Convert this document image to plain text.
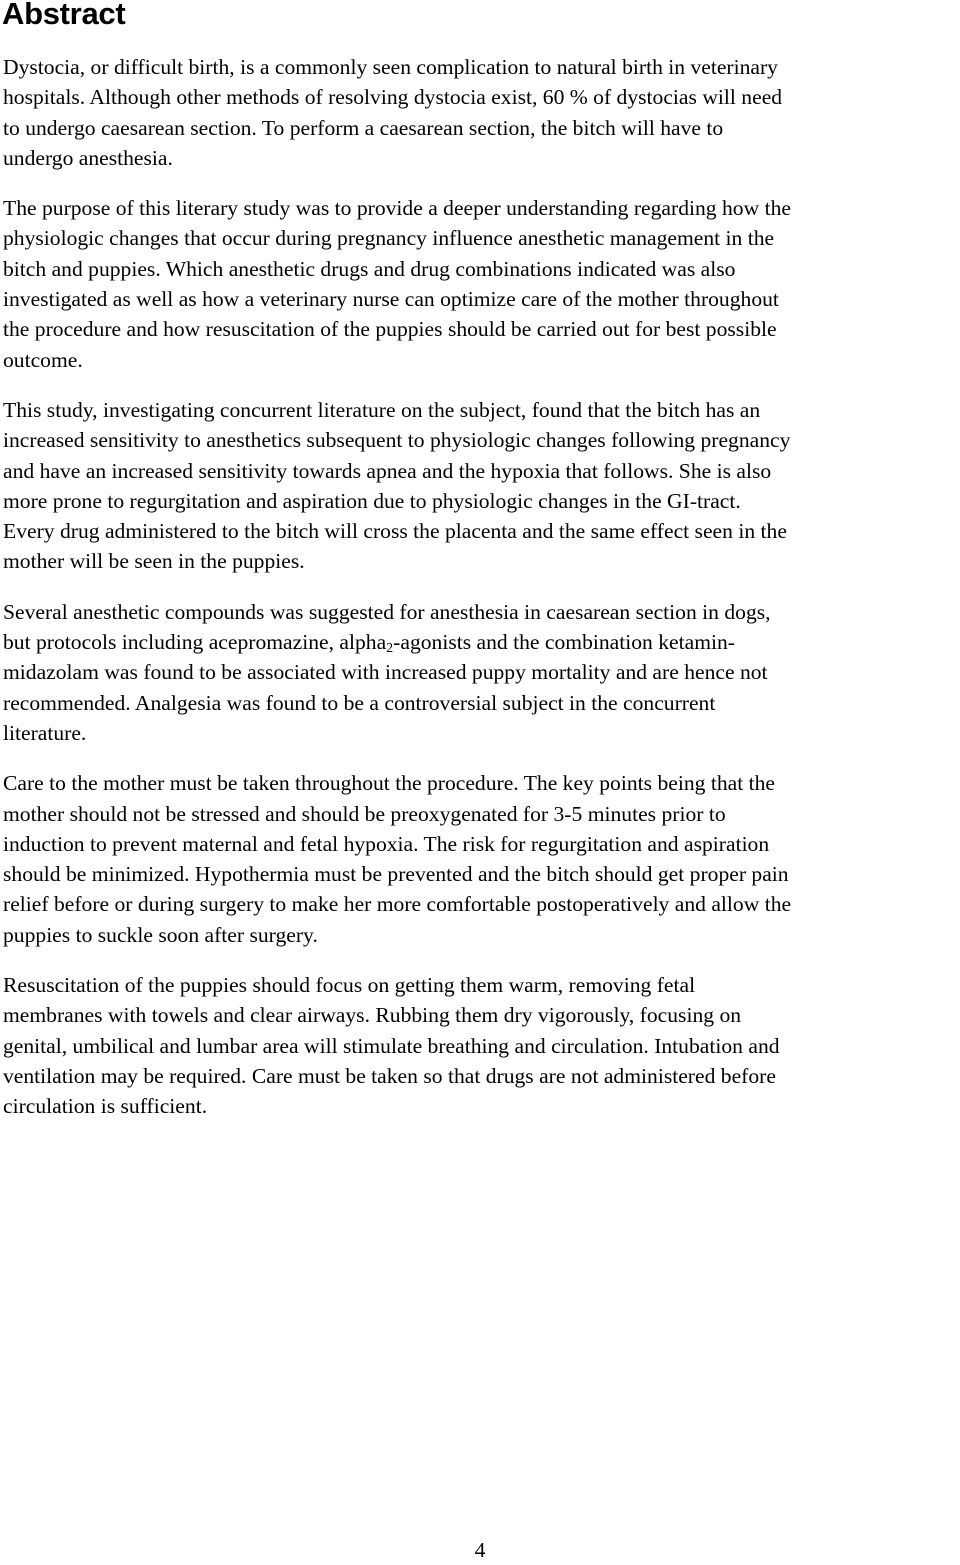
Abstract

Dystocia, or difficult birth, is a commonly seen complication to natural birth in veterinary
hospitals. Although other methods of resolving dystocia exist, 60 % of dystocias will need
to undergo caesarean section. To perform a caesarean section, the bitch will have to
undergo anesthesia.

The purpose of this literary study was to provide a deeper understanding regarding how the
physiologic changes that occur during pregnancy influence anesthetic management in the
bitch and puppies. Which anesthetic drugs and drug combinations indicated was also
investigated as well as how a veterinary nurse can optimize care of the mother throughout
the procedure and how resuscitation of the puppies should be carried out for best possible
outcome.

This study, investigating concurrent literature on the subject, found that the bitch has an
increased sensitivity to anesthetics subsequent to physiologic changes following pregnancy
and have an increased sensitivity towards apnea and the hypoxia that follows. She is also
more prone to regurgitation and aspiration due to physiologic changes in the GI-tract.
Every drug administered to the bitch will cross the placenta and the same effect seen in the
mother will be seen in the puppies.

Several anesthetic compounds was suggested for anesthesia in caesarean section in dogs,
but protocols including acepromazine, alpha$_2$-agonists and the combination ketamin-
midazolam was found to be associated with increased puppy mortality and are hence not
recommended. Analgesia was found to be a controversial subject in the concurrent
literature.

Care to the mother must be taken throughout the procedure. The key points being that the
mother should not be stressed and should be preoxygenated for 3-5 minutes prior to
induction to prevent maternal and fetal hypoxia. The risk for regurgitation and aspiration
should be minimized. Hypothermia must be prevented and the bitch should get proper pain
relief before or during surgery to make her more comfortable postoperatively and allow the
puppies to suckle soon after surgery.

Resuscitation of the puppies should focus on getting them warm, removing fetal
membranes with towels and clear airways. Rubbing them dry vigorously, focusing on
genital, umbilical and lumbar area will stimulate breathing and circulation. Intubation and
ventilation may be required. Care must be taken so that drugs are not administered before
circulation is sufficient.

4
